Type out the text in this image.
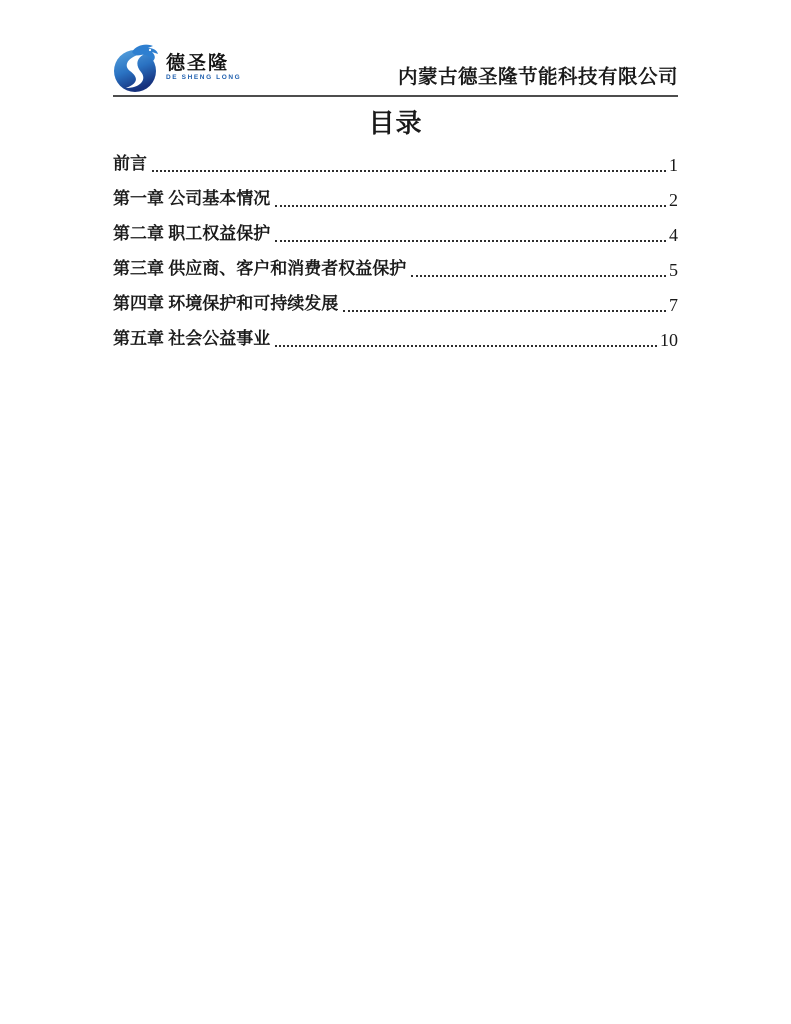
德圣隆
DE SHENG LONG	内蒙古德圣隆节能科技有限公司
目录
前言	1
第一章 公司基本情况	2
第二章 职工权益保护	4
第三章 供应商、客户和消费者权益保护	5
第四章 环境保护和可持续发展	7
第五章 社会公益事业	10
